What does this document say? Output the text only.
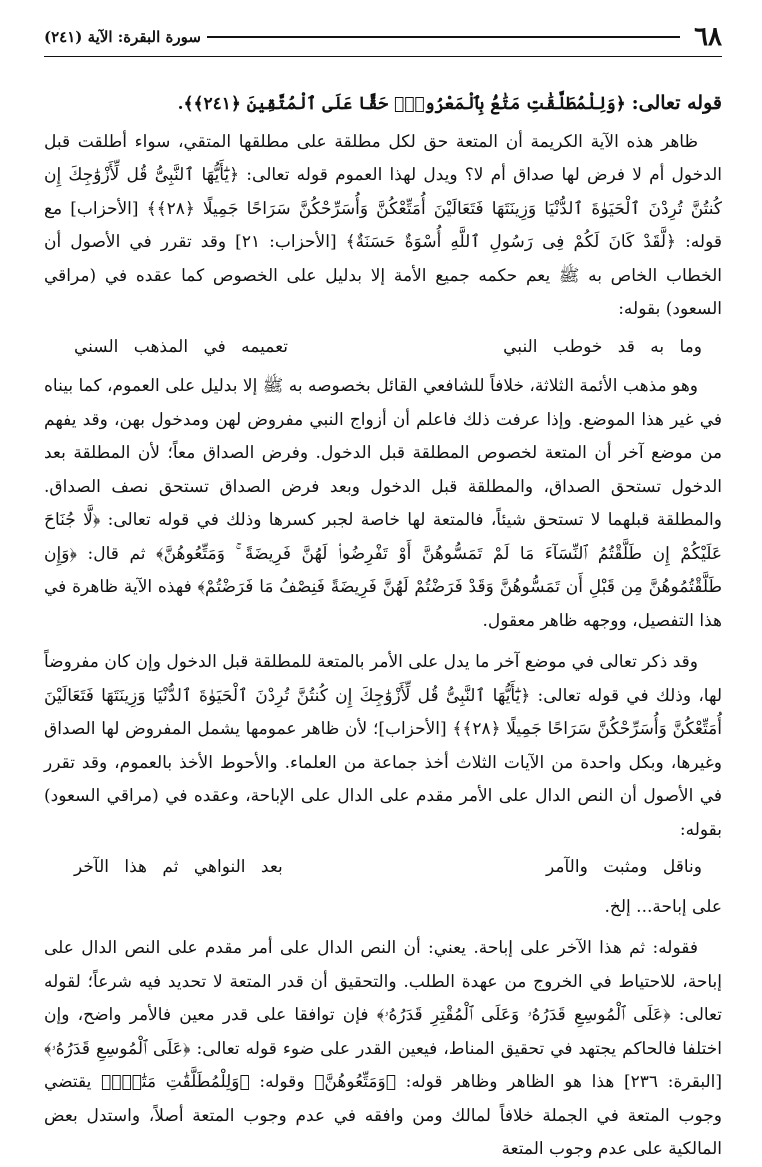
٦٨
سورة البقرة: الآية (٢٤١)

قوله تعالى: ﴿وَلِلْمُطَلَّقَٰتِ مَتَٰعُۢ بِٱلْمَعْرُوفِۖ حَقًّا عَلَى ٱلْمُتَّقِينَ ﴿٢٤١﴾﴾.

ظاهر هذه الآية الكريمة أن المتعة حق لكل مطلقة على مطلقها المتقي، سواء أطلقت قبل الدخول أم لا فرض لها صداق أم لا؟ ويدل لهذا العموم قوله تعالى: ﴿يَٰٓأَيُّهَا ٱلنَّبِىُّ قُل لِّأَزْوَٰجِكَ إِن كُنتُنَّ تُرِدْنَ ٱلْحَيَوٰةَ ٱلدُّنْيَا وَزِينَتَهَا فَتَعَالَيْنَ أُمَتِّعْكُنَّ وَأُسَرِّحْكُنَّ سَرَاحًا جَمِيلًا ﴿٢٨﴾﴾ [الأحزاب] مع قوله: ﴿لَّقَدْ كَانَ لَكُمْ فِى رَسُولِ ٱللَّهِ أُسْوَةٌ حَسَنَةٌ﴾ [الأحزاب: ٢١] وقد تقرر في الأصول أن الخطاب الخاص به ﷺ يعم حكمه جميع الأمة إلا بدليل على الخصوص كما عقده في (مراقي السعود) بقوله:

وما به قد خوطب النبي
تعميمه في المذهب السني

وهو مذهب الأئمة الثلاثة، خلافاً للشافعي القائل بخصوصه به ﷺ إلا بدليل على العموم، كما بيناه في غير هذا الموضع. وإذا عرفت ذلك فاعلم أن أزواج النبي مفروض لهن ومدخول بهن، وقد يفهم من موضع آخر أن المتعة لخصوص المطلقة قبل الدخول. وفرض الصداق معاً؛ لأن المطلقة بعد الدخول تستحق الصداق، والمطلقة قبل الدخول وبعد فرض الصداق تستحق نصف الصداق. والمطلقة قبلهما لا تستحق شيئاً، فالمتعة لها خاصة لجبر كسرها وذلك في قوله تعالى: ﴿لَّا جُنَاحَ عَلَيْكُمْ إِن طَلَّقْتُمُ ٱلنِّسَآءَ مَا لَمْ تَمَسُّوهُنَّ أَوْ تَفْرِضُوا۟ لَهُنَّ فَرِيضَةً ۚ وَمَتِّعُوهُنَّ﴾ ثم قال: ﴿وَإِن طَلَّقْتُمُوهُنَّ مِن قَبْلِ أَن تَمَسُّوهُنَّ وَقَدْ فَرَضْتُمْ لَهُنَّ فَرِيضَةً فَنِصْفُ مَا فَرَضْتُمْ﴾ فهذه الآية ظاهرة في هذا التفصيل، ووجهه ظاهر معقول.

وقد ذكر تعالى في موضع آخر ما يدل على الأمر بالمتعة للمطلقة قبل الدخول وإن كان مفروضاً لها، وذلك في قوله تعالى: ﴿يَٰٓأَيُّهَا ٱلنَّبِىُّ قُل لِّأَزْوَٰجِكَ إِن كُنتُنَّ تُرِدْنَ ٱلْحَيَوٰةَ ٱلدُّنْيَا وَزِينَتَهَا فَتَعَالَيْنَ أُمَتِّعْكُنَّ وَأُسَرِّحْكُنَّ سَرَاحًا جَمِيلًا ﴿٢٨﴾﴾ [الأحزاب]؛ لأن ظاهر عمومها يشمل المفروض لها الصداق وغيرها، وبكل واحدة من الآيات الثلاث أخذ جماعة من العلماء. والأحوط الأخذ بالعموم، وقد تقرر في الأصول أن النص الدال على الأمر مقدم على الدال على الإباحة، وعقده في (مراقي السعود) بقوله:

وناقل ومثبت والآمر
بعد النواهي ثم هذا الآخر

على إباحة... إلخ.

فقوله: ثم هذا الآخر على إباحة. يعني: أن النص الدال على أمر مقدم على النص الدال على إباحة، للاحتياط في الخروج من عهدة الطلب. والتحقيق أن قدر المتعة لا تحديد فيه شرعاً؛ لقوله تعالى: ﴿عَلَى ٱلْمُوسِعِ قَدَرُهُۥ وَعَلَى ٱلْمُقْتِرِ قَدَرُهُۥ﴾ فإن توافقا على قدر معين فالأمر واضح، وإن اختلفا فالحاكم يجتهد في تحقيق المناط، فيعين القدر على ضوء قوله تعالى: ﴿عَلَى ٱلْمُوسِعِ قَدَرُهُۥ﴾ [البقرة: ٢٣٦] هذا هو الظاهر وظاهر قوله: ﴿وَمَتِّعُوهُنَّ﴾ وقوله: ﴿وَلِلْمُطَلَّقَٰتِ مَتَٰعُۢ﴾ يقتضي وجوب المتعة في الجملة خلافاً لمالك ومن وافقه في عدم وجوب المتعة أصلاً، واستدل بعض المالكية على عدم وجوب المتعة
